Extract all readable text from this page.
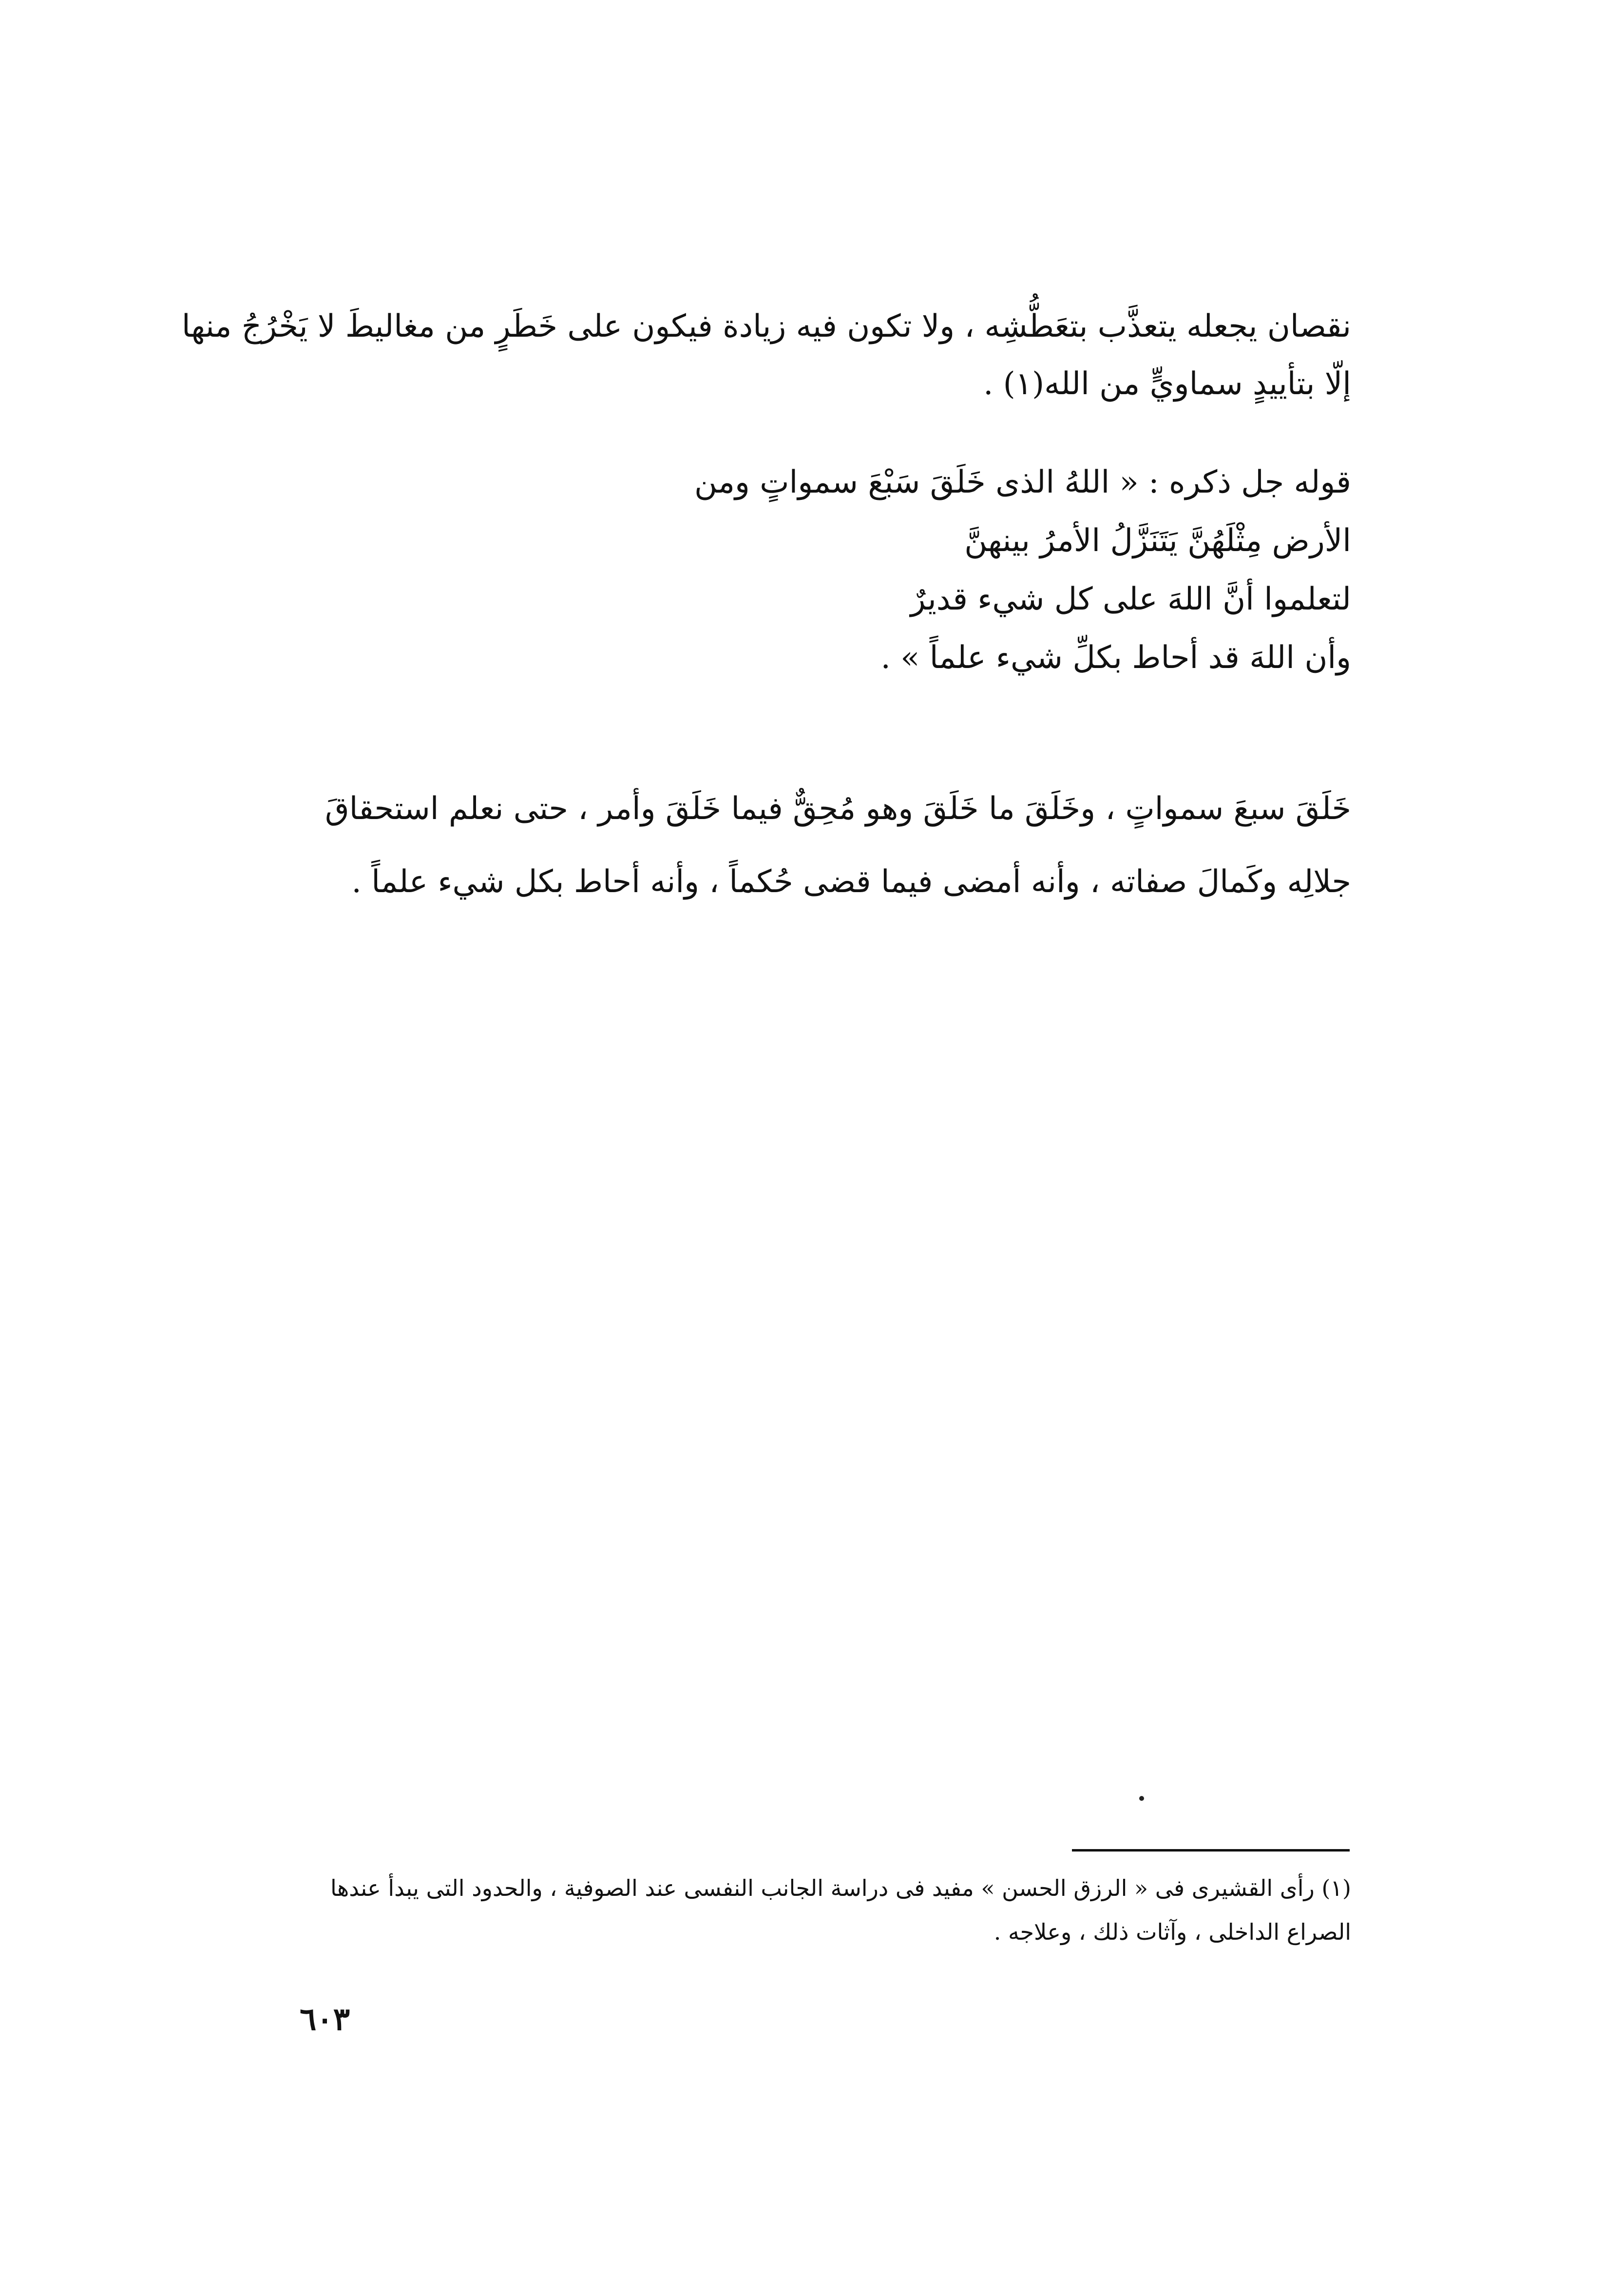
نقصان يجعله يتعذَّب بتعَطُّشِه ، ولا تكون فيه زيادة فيكون على خَطَرٍ من مغاليطَ لا يَخْرُجُ منها
إلّا بتأييدٍ سماويٍّ من الله(١) .
قوله جل ذكره : « اللهُ الذى خَلَقَ سَبْعَ سمواتٍ ومن
الأرض مِثْلَهُنَّ يَتَنَزَّلُ الأمرُ بينهنَّ
لتعلموا أنَّ اللهَ على كل شيء قديرٌ
وأن اللهَ قد أحاط بكلِّ شيء علماً » .
خَلَقَ سبعَ سمواتٍ ، وخَلَقَ ما خَلَقَ وهو مُحِقٌّ فيما خَلَقَ وأمر ، حتى نعلم استحقاقَ
جلالِه وكَمالَ صفاته ، وأنه أمضى فيما قضى حُكماً ، وأنه أحاط بكل شيء علماً .
(١) رأى القشيرى فى « الرزق الحسن » مفيد فى دراسة الجانب النفسى عند الصوفية ، والحدود التى يبدأ عندها
الصراع الداخلى ، وآثات ذلك ، وعلاجه .
٦٠٣
